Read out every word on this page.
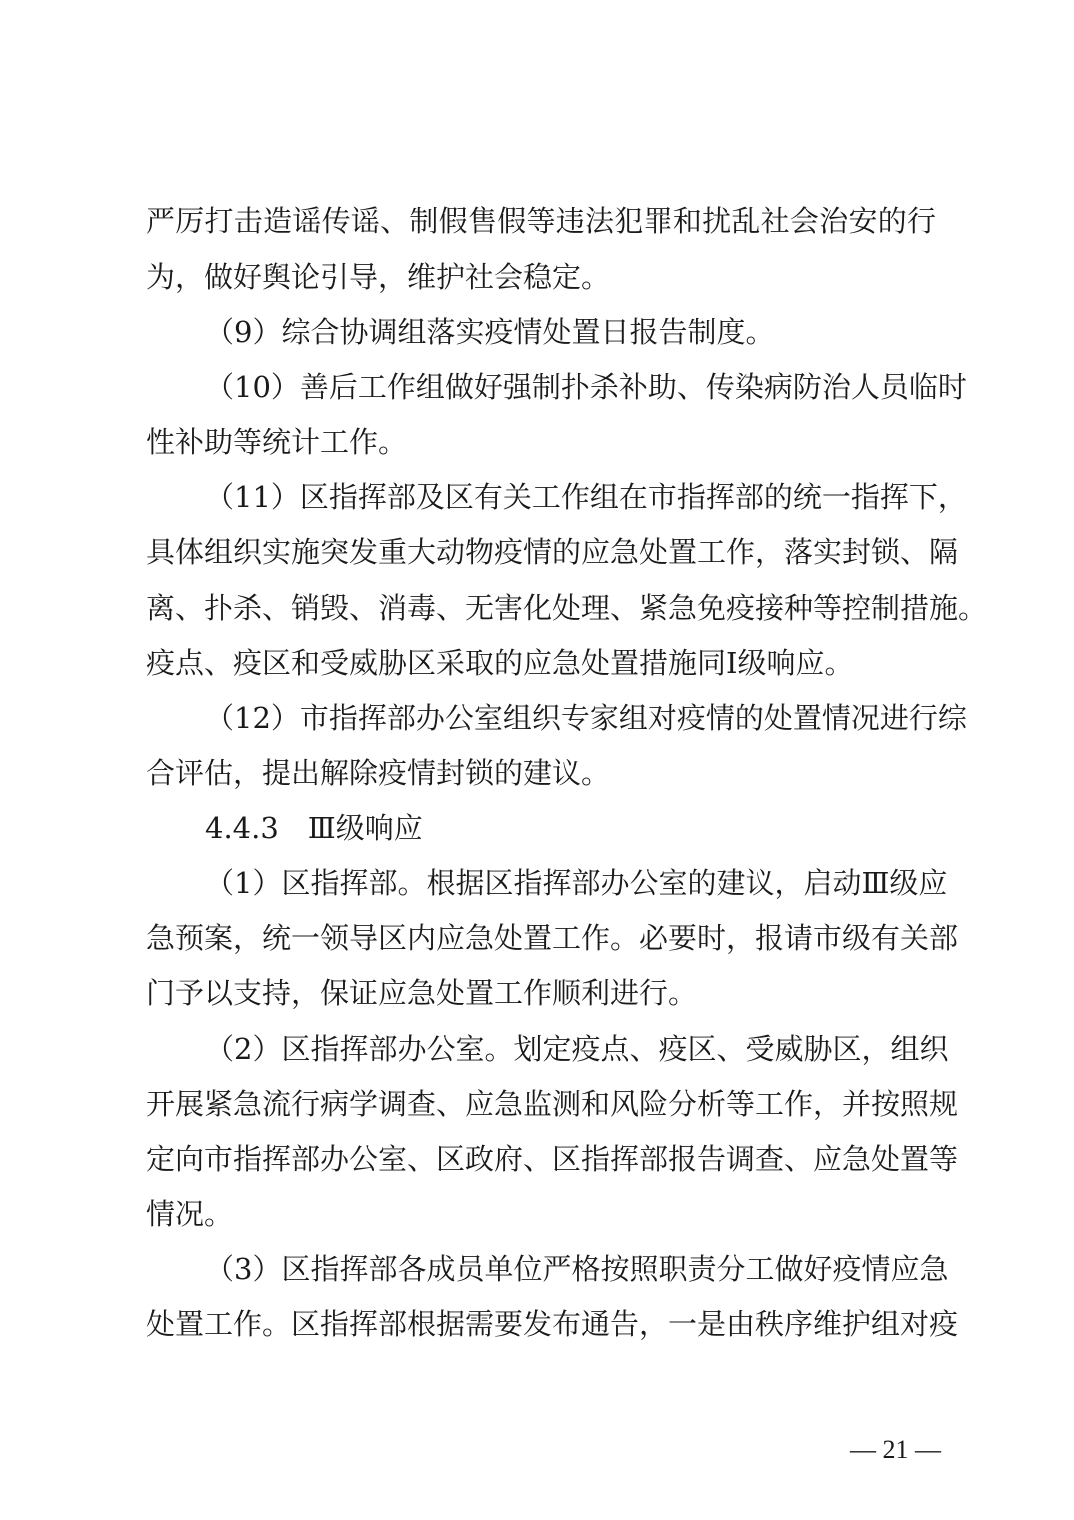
严厉打击造谣传谣、制假售假等违法犯罪和扰乱社会治安的行
为，做好舆论引导，维护社会稳定。
（9）综合协调组落实疫情处置日报告制度。
（10）善后工作组做好强制扑杀补助、传染病防治人员临时
性补助等统计工作。
（11）区指挥部及区有关工作组在市指挥部的统一指挥下，
具体组织实施突发重大动物疫情的应急处置工作，落实封锁、隔
离、扑杀、销毁、消毒、无害化处理、紧急免疫接种等控制措施。
疫点、疫区和受威胁区采取的应急处置措施同Ⅰ级响应。
（12）市指挥部办公室组织专家组对疫情的处置情况进行综
合评估，提出解除疫情封锁的建议。
4.4.3　Ⅲ级响应
（1）区指挥部。根据区指挥部办公室的建议，启动Ⅲ级应
急预案，统一领导区内应急处置工作。必要时，报请市级有关部
门予以支持，保证应急处置工作顺利进行。
（2）区指挥部办公室。划定疫点、疫区、受威胁区，组织
开展紧急流行病学调查、应急监测和风险分析等工作，并按照规
定向市指挥部办公室、区政府、区指挥部报告调查、应急处置等
情况。
（3）区指挥部各成员单位严格按照职责分工做好疫情应急
处置工作。区指挥部根据需要发布通告，一是由秩序维护组对疫
— 21 —
